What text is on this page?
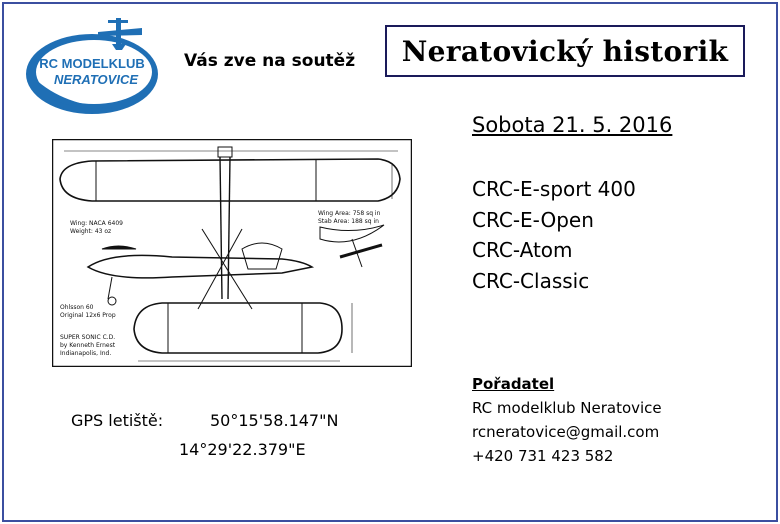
RC MODELKLUB
NERATOVICE
Vás zve na soutěž Neratovický historik
Sobota 21. 5. 2016
CRC-E-sport 400
CRC-E-Open
CRC-Atom
CRC-Classic
Wing: NACA 6409
Weight: 43 oz
Wing Area: 758 sq in
Stab Area: 188 sq in
Ohlsson 60
Original 12x6 Prop
SUPER SONIC C.D.
by Kenneth Ernest
Indianapolis, Ind.
GPS letiště:	50°15'58.147"N
14°29'22.379"E
Pořadatel
RC modelklub Neratovice
rcneratovice@gmail.com
+420 731 423 582
